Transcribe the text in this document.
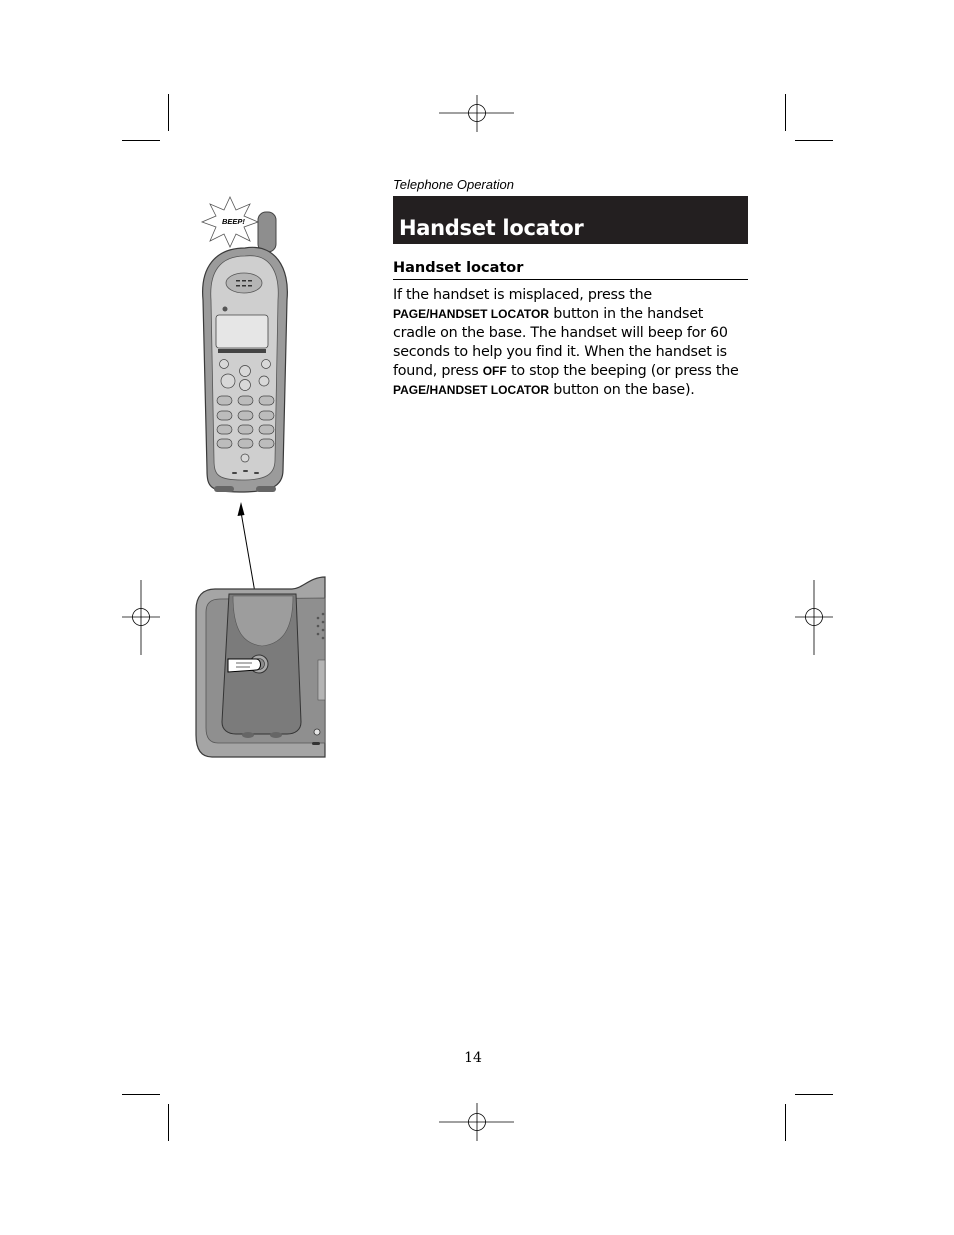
BEEP!
Telephone Operation
Handset locator
Handset locator

If the handset is misplaced, press the PAGE/HANDSET LOCATOR button in the handset cradle on the base. The handset will beep for 60 seconds to help you find it. When the handset is found, press OFF to stop the beeping (or press the PAGE/HANDSET LOCATOR button on the base).

14
